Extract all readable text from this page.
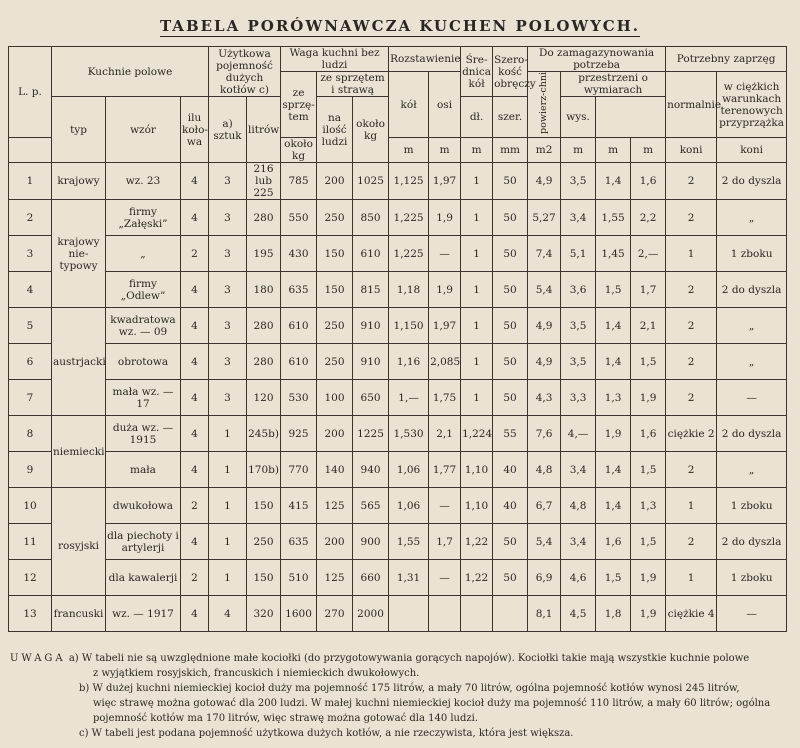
TABELA PORÓWNAWCZA KUCHEN POLOWYCH.
L. p.	Kuchnie polowe			Użytkowa pojemność dużych kotłów c)		Waga kuchni bez ludzi			Rozstawienie		Śre-dnica kół	Szero-kość obręczy	Do zamagazynowania potrzeba				Potrzebny zaprzęg	
						ze sprzę-tem	ze sprzętem i strawą		kół	osi			powierz-chni	przestrzeni o wymiarach			normalnie	w ciężkich warunkach terenowych przyprzążka
	typ	wzór	ilu koło-wa	a) sztuk	litrów		na ilość ludzi	około kg			dł.	szer.		wys.				
						około kg			m	m	m	mm	m2	m	m	m	koni	koni
1	krajowy	wz. 23	4	3	216 lub 225	785	200	1025	1,125	1,97	1	50	4,9	3,5	1,4	1,6	2	2 do dyszla
2	krajowy nie-typowy	firmy „Załęski”	4	3	280	550	250	850	1,225	1,9	1	50	5,27	3,4	1,55	2,2	2	„
3		„	2	3	195	430	150	610	1,225	—	1	50	7,4	5,1	1,45	2,—	1	1 zboku
4		firmy „Odlew”	4	3	180	635	150	815	1,18	1,9	1	50	5,4	3,6	1,5	1,7	2	2 do dyszla
5	austrjacki	kwadratowa wz. — 09	4	3	280	610	250	910	1,150	1,97	1	50	4,9	3,5	1,4	2,1	2	„
6		obrotowa	4	3	280	610	250	910	1,16	2,085	1	50	4,9	3,5	1,4	1,5	2	„
7		mała wz. — 17	4	3	120	530	100	650	1,—	1,75	1	50	4,3	3,3	1,3	1,9	2	—
8	niemiecki	duża wz. — 1915	4	1	245b)	925	200	1225	1,530	2,1	1,224	55	7,6	4,—	1,9	1,6	ciężkie 2	2 do dyszla
9		mała	4	1	170b)	770	140	940	1,06	1,77	1,10	40	4,8	3,4	1,4	1,5	2	„
10	rosyjski	dwukołowa	2	1	150	415	125	565	1,06	—	1,10	40	6,7	4,8	1,4	1,3	1	1 zboku
11		dla piechoty i artylerji	4	1	250	635	200	900	1,55	1,7	1,22	50	5,4	3,4	1,6	1,5	2	2 do dyszla
12		dla kawalerji	2	1	150	510	125	660	1,31	—	1,22	50	6,9	4,6	1,5	1,9	1	1 zboku
13	francuski	wz. — 1917	4	4	320	1600	270	2000					8,1	4,5	1,8	1,9	ciężkie 4	—
UWAGA a) W tabeli nie są uwzględnione małe kociołki (do przygotowywania gorących napojów). Kociołki takie mają wszystkie kuchnie polowe
z wyjątkiem rosyjskich, francuskich i niemieckich dwukołowych.
b) W dużej kuchni niemieckiej kocioł duży ma pojemność 175 litrów, a mały 70 litrów, ogólna pojemność kotłów wynosi 245 litrów,
więc strawę można gotować dla 200 ludzi. W małej kuchni niemieckiej kocioł duży ma pojemność 110 litrów, a mały 60 litrów; ogólna
pojemność kotłów ma 170 litrów, więc strawę można gotować dla 140 ludzi.
c) W tabeli jest podana pojemność użytkowa dużych kotłów, a nie rzeczywista, która jest większa.
